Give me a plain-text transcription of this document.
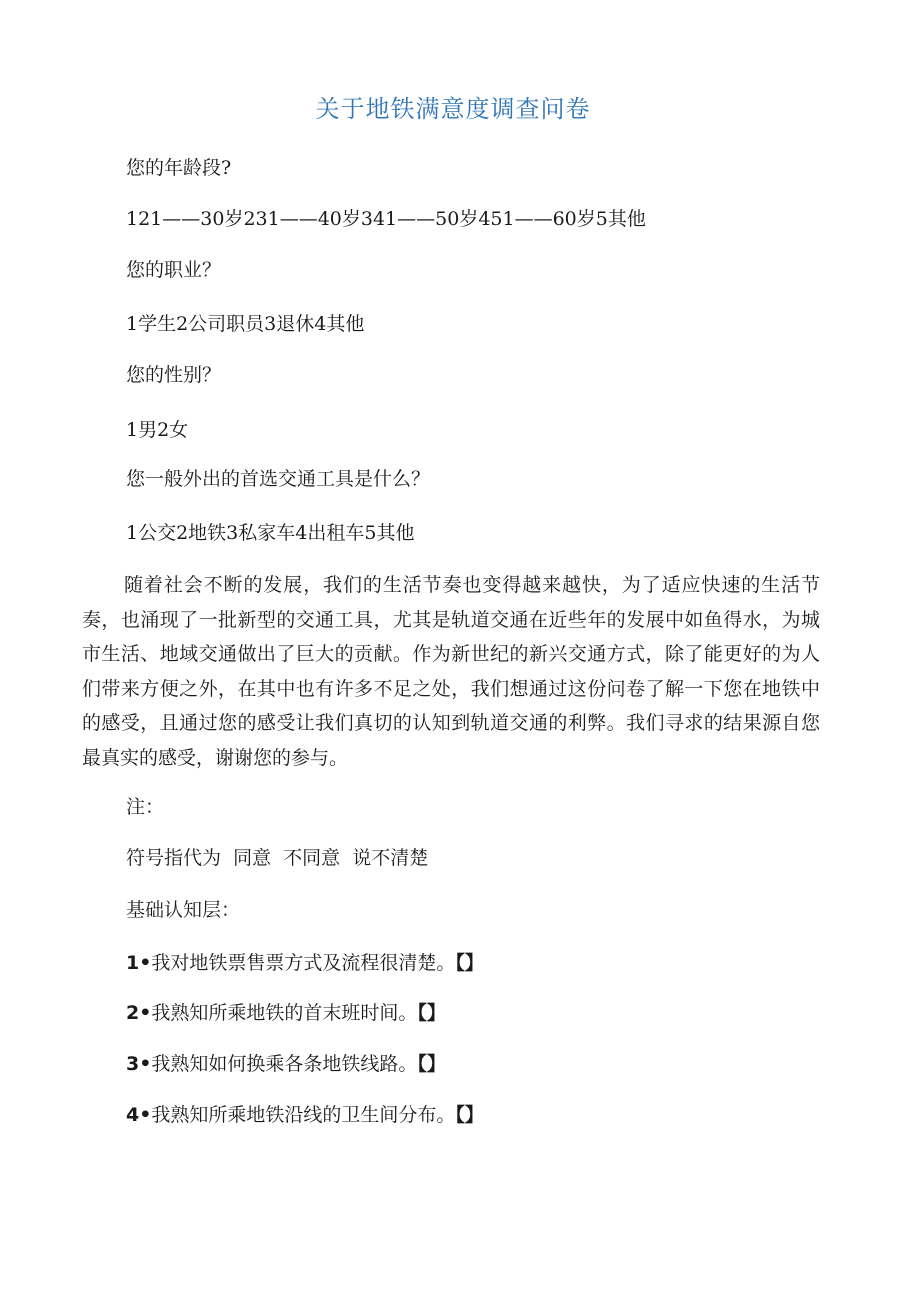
关于地铁满意度调查问卷
您的年龄段?
121——30岁231——40岁341——50岁451——60岁5其他
您的职业？
1学生2公司职员3退休4其他
您的性别？
1男2女
您一般外出的首选交通工具是什么？
1公交2地铁3私家车4出租车5其他

随着社会不断的发展，我们的生活节奏也变得越来越快，为了适应快速的生活节奏，也涌现了一批新型的交通工具，尤其是轨道交通在近些年的发展中如鱼得水，为城市生活、地域交通做出了巨大的贡献。作为新世纪的新兴交通方式，除了能更好的为人们带来方便之外，在其中也有许多不足之处，我们想通过这份问卷了解一下您在地铁中的感受，且通过您的感受让我们真切的认知到轨道交通的利弊。我们寻求的结果源自您最真实的感受，谢谢您的参与。

注：
符号指代为  同意  不同意  说不清楚
基础认知层：
1•我对地铁票售票方式及流程很清楚。【】
2•我熟知所乘地铁的首末班时间。【】
3•我熟知如何换乘各条地铁线路。【】
4•我熟知所乘地铁沿线的卫生间分布。【】
